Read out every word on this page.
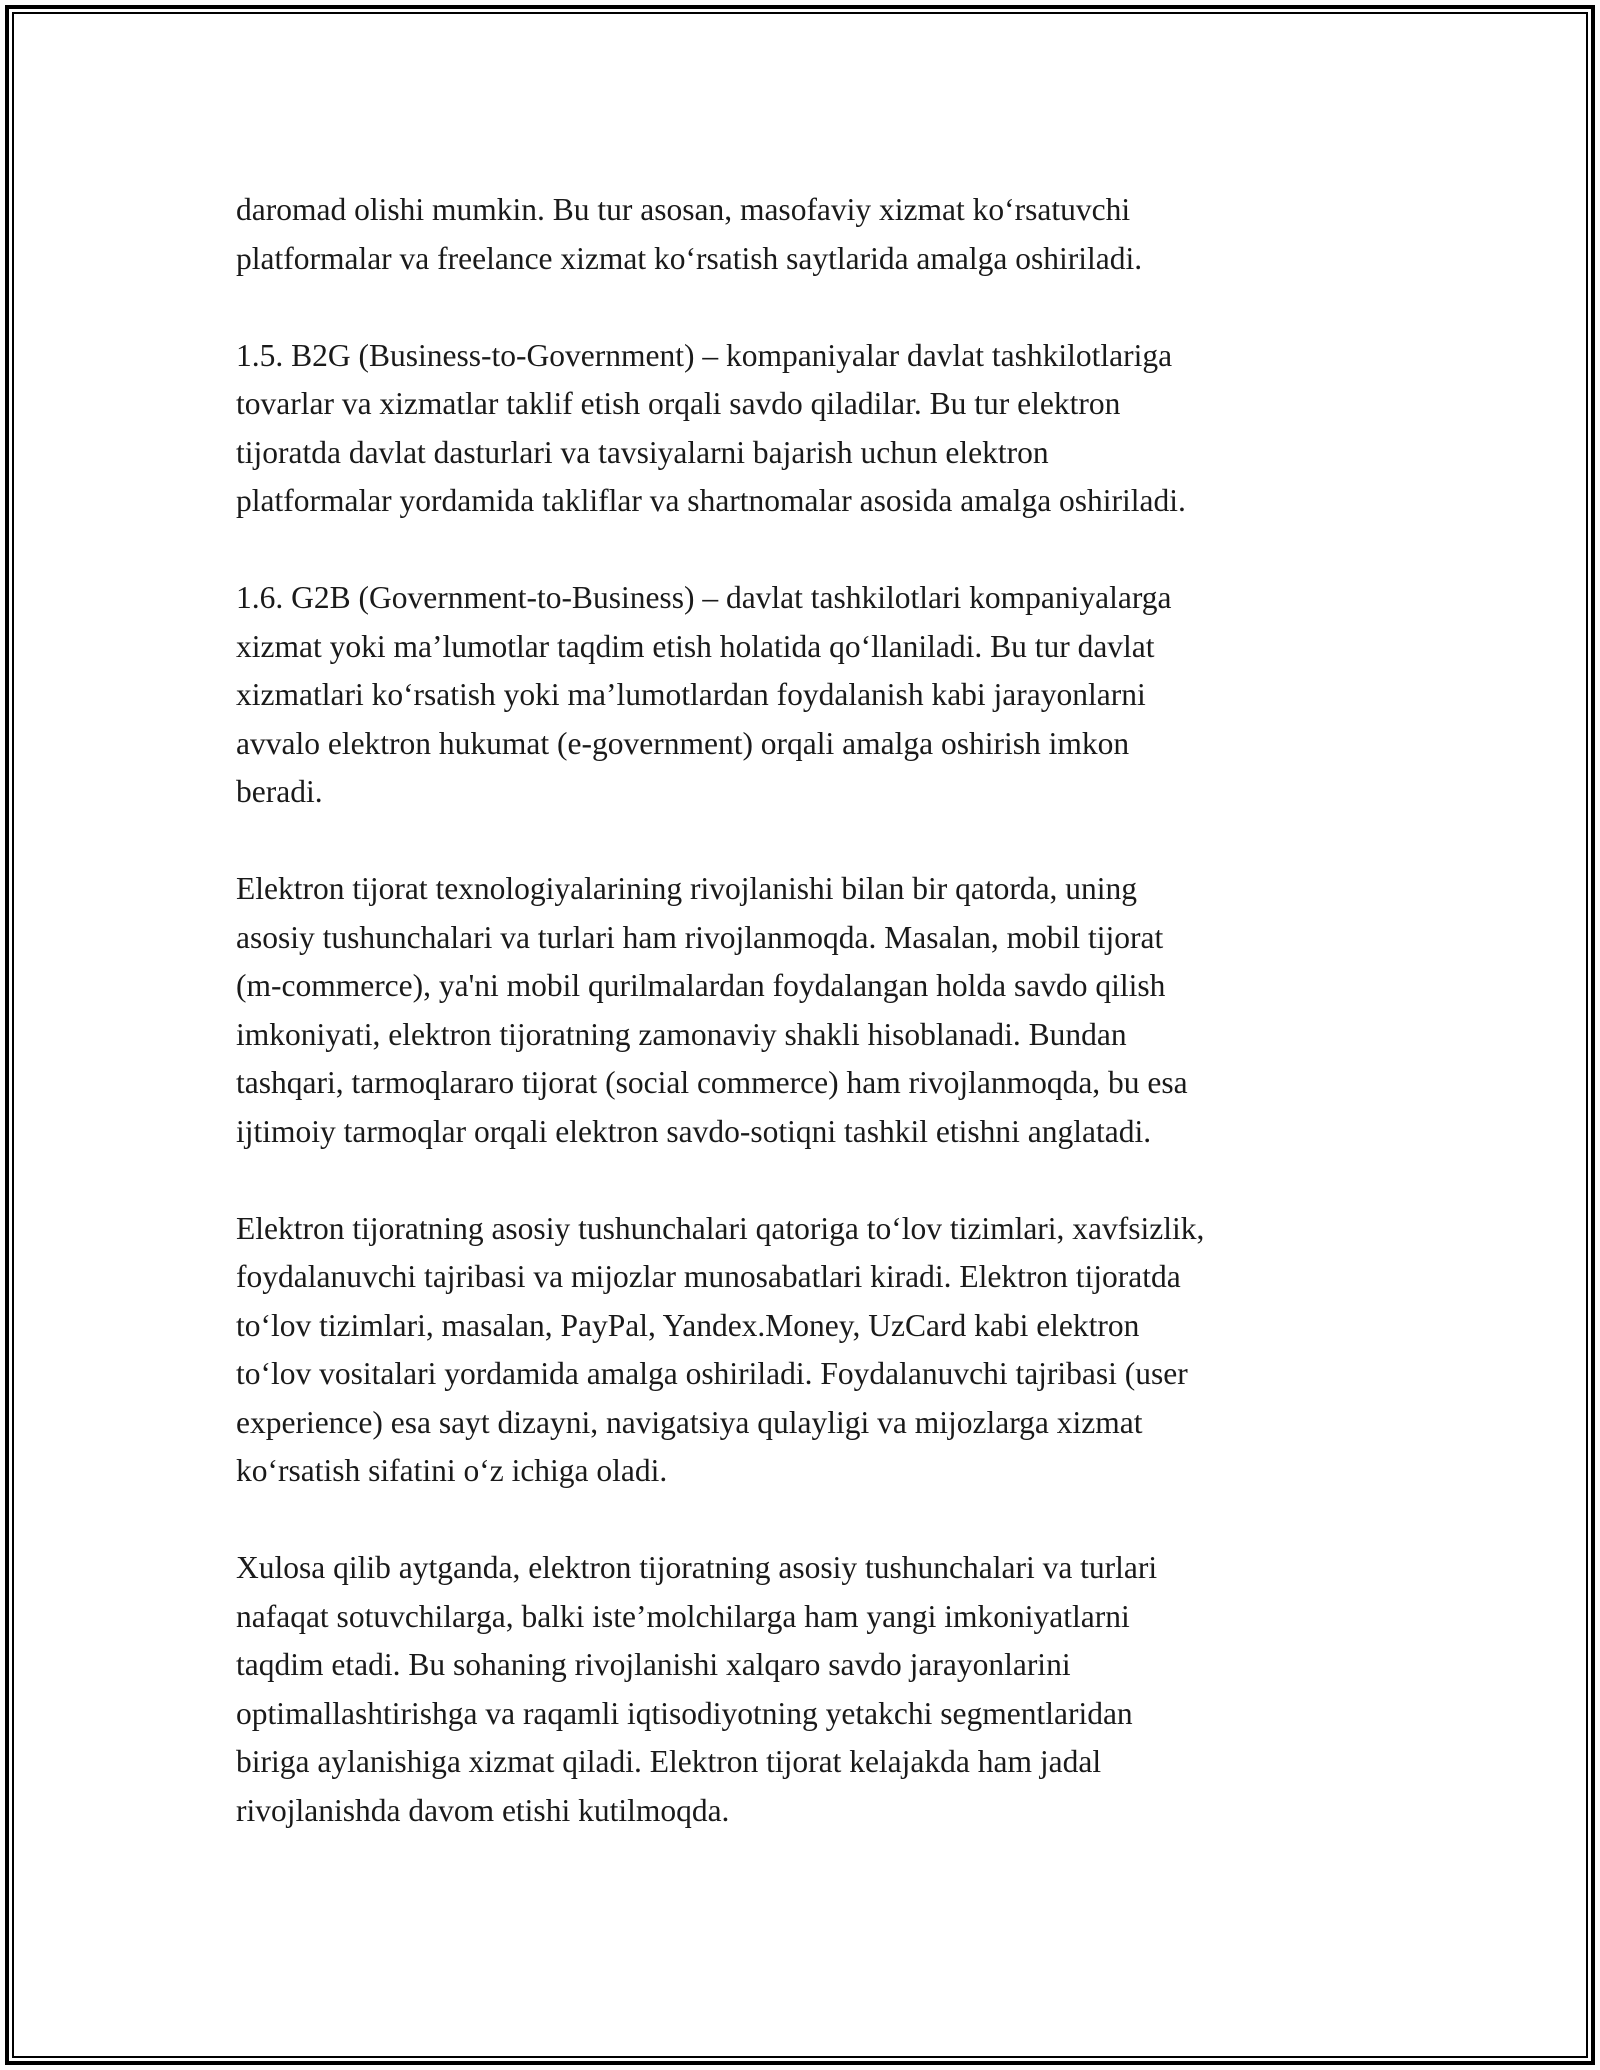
daromad olishi mumkin. Bu tur asosan, masofaviy xizmat ko‘rsatuvchi
platformalar va freelance xizmat ko‘rsatish saytlarida amalga oshiriladi.

1.5. B2G (Business-to-Government) – kompaniyalar davlat tashkilotlariga
tovarlar va xizmatlar taklif etish orqali savdo qiladilar. Bu tur elektron
tijoratda davlat dasturlari va tavsiyalarni bajarish uchun elektron
platformalar yordamida takliflar va shartnomalar asosida amalga oshiriladi.

1.6. G2B (Government-to-Business) – davlat tashkilotlari kompaniyalarga
xizmat yoki ma’lumotlar taqdim etish holatida qo‘llaniladi. Bu tur davlat
xizmatlari ko‘rsatish yoki ma’lumotlardan foydalanish kabi jarayonlarni
avvalo elektron hukumat (e-government) orqali amalga oshirish imkon
beradi.

Elektron tijorat texnologiyalarining rivojlanishi bilan bir qatorda, uning
asosiy tushunchalari va turlari ham rivojlanmoqda. Masalan, mobil tijorat
(m-commerce), ya'ni mobil qurilmalardan foydalangan holda savdo qilish
imkoniyati, elektron tijoratning zamonaviy shakli hisoblanadi. Bundan
tashqari, tarmoqlararo tijorat (social commerce) ham rivojlanmoqda, bu esa
ijtimoiy tarmoqlar orqali elektron savdo-sotiqni tashkil etishni anglatadi.

Elektron tijoratning asosiy tushunchalari qatoriga to‘lov tizimlari, xavfsizlik,
foydalanuvchi tajribasi va mijozlar munosabatlari kiradi. Elektron tijoratda
to‘lov tizimlari, masalan, PayPal, Yandex.Money, UzCard kabi elektron
to‘lov vositalari yordamida amalga oshiriladi. Foydalanuvchi tajribasi (user
experience) esa sayt dizayni, navigatsiya qulayligi va mijozlarga xizmat
ko‘rsatish sifatini o‘z ichiga oladi.

Xulosa qilib aytganda, elektron tijoratning asosiy tushunchalari va turlari
nafaqat sotuvchilarga, balki iste’molchilarga ham yangi imkoniyatlarni
taqdim etadi. Bu sohaning rivojlanishi xalqaro savdo jarayonlarini
optimallashtirishga va raqamli iqtisodiyotning yetakchi segmentlaridan
biriga aylanishiga xizmat qiladi. Elektron tijorat kelajakda ham jadal
rivojlanishda davom etishi kutilmoqda.
